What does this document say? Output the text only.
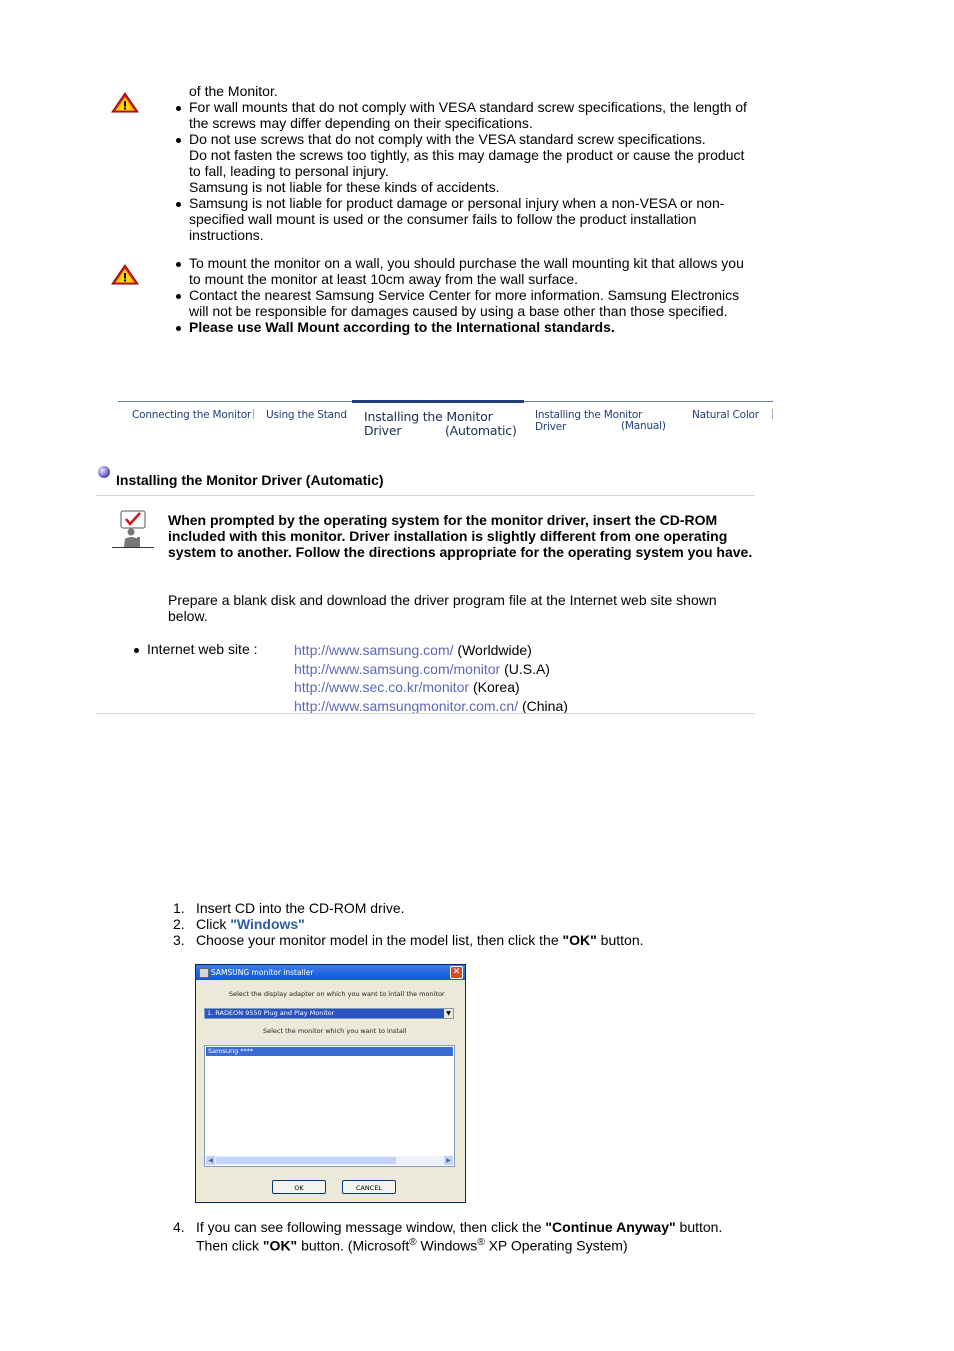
of the Monitor.
For wall mounts that do not comply with VESA standard screw specifications, the length of the screws may differ depending on their specifications.
Do not use screws that do not comply with the VESA standard screw specifications.
Do not fasten the screws too tightly, as this may damage the product or cause the product to fall, leading to personal injury.
Samsung is not liable for these kinds of accidents.
Samsung is not liable for product damage or personal injury when a non-VESA or non-specified wall mount is used or the consumer fails to follow the product installation instructions.
To mount the monitor on a wall, you should purchase the wall mounting kit that allows you to mount the monitor at least 10cm away from the wall surface.
Contact the nearest Samsung Service Center for more information. Samsung Electronics will not be responsible for damages caused by using a base other than those specified.
Please use Wall Mount according to the International standards.
Connecting the Monitor Using the Stand Installing the Monitor Driver	(Automatic)
Installing the Monitor Driver	(Manual)
Natural Color
Installing the Monitor Driver (Automatic)
When prompted by the operating system for the monitor driver, insert the CD-ROM included with this monitor. Driver installation is slightly different from one operating system to another. Follow the directions appropriate for the operating system you have.
Prepare a blank disk and download the driver program file at the Internet web site shown below.
Internet web site :	http://www.samsung.com/ (Worldwide)
http://www.samsung.com/monitor (U.S.A)
http://www.sec.co.kr/monitor (Korea)
http://www.samsungmonitor.com.cn/ (China)
1. Insert CD into the CD-ROM drive.
2. Click "Windows"
3. Choose your monitor model in the model list, then click the "OK" button.
SAMSUNG monitor installer	✕
Select the display adapter on which you want to intall the monitor
1. RADEON 9550 Plug and Play Monitor	▼
Select the monitor which you want to install
Samsung ****
◀	▶
OK	CANCEL
4. If you can see following message window, then click the "Continue Anyway" button.
Then click "OK" button. (Microsoft® Windows® XP Operating System)
